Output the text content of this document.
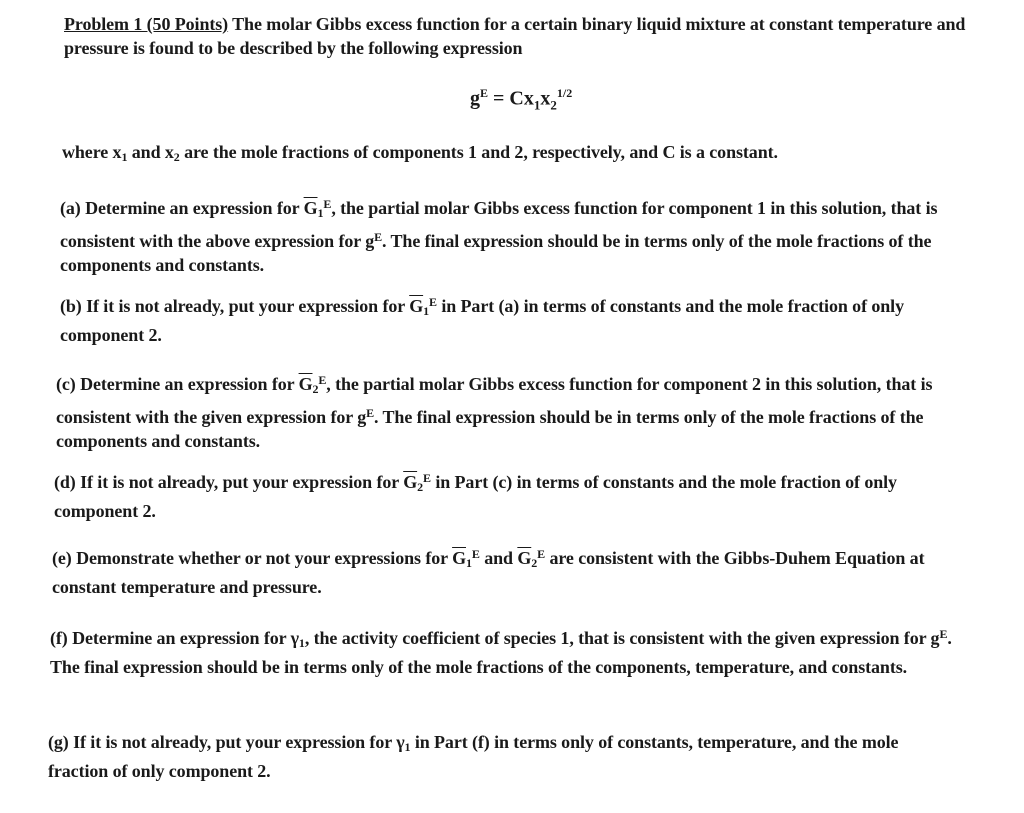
Problem 1 (50 Points) The molar Gibbs excess function for a certain binary liquid mixture at constant temperature and pressure is found to be described by the following expression
$g^E = Cx_1x_2^{1/2}$
where x1 and x2 are the mole fractions of components 1 and 2, respectively, and C is a constant.
(a) Determine an expression for $\overline{G}1^E$, the partial molar Gibbs excess function for component 1 in this solution, that is consistent with the above expression for $g^E$. The final expression should be in terms only of the mole fractions of the components and constants.
(b) If it is not already, put your expression for $\overline{G}1^E$ in Part (a) in terms of constants and the mole fraction of only component 2.
(c) Determine an expression for $\overline{G}2^E$, the partial molar Gibbs excess function for component 2 in this solution, that is consistent with the given expression for $g^E$. The final expression should be in terms only of the mole fractions of the components and constants.
(d) If it is not already, put your expression for $\overline{G}2^E$ in Part (c) in terms of constants and the mole fraction of only component 2.
(e) Demonstrate whether or not your expressions for $\overline{G}1^E$ and $\overline{G}2^E$ are consistent with the Gibbs-Duhem Equation at constant temperature and pressure.
(f) Determine an expression for γ1, the activity coefficient of species 1, that is consistent with the given expression for $g^E$. The final expression should be in terms only of the mole fractions of the components, temperature, and constants.
(g) If it is not already, put your expression for γ1 in Part (f) in terms only of constants, temperature, and the mole fraction of only component 2.
